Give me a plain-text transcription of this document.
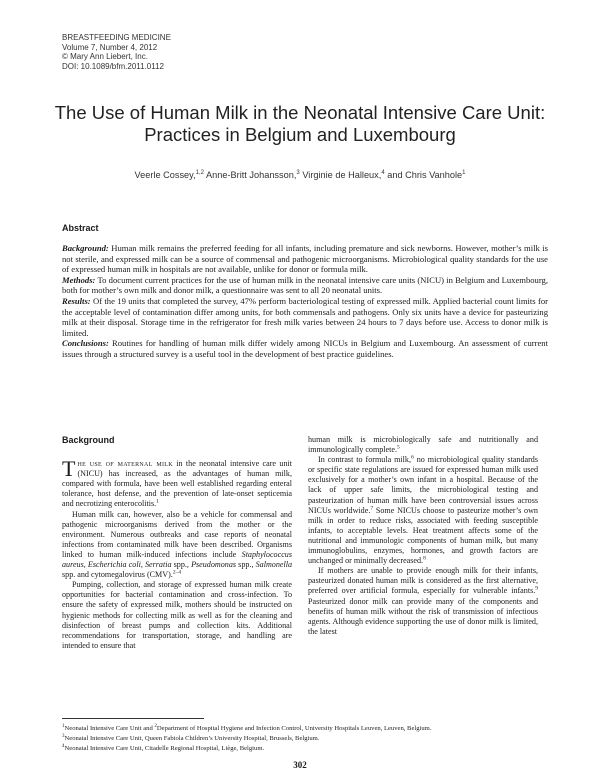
BREASTFEEDING MEDICINE
Volume 7, Number 4, 2012
© Mary Ann Liebert, Inc.
DOI: 10.1089/bfm.2011.0112
The Use of Human Milk in the Neonatal Intensive Care Unit:
Practices in Belgium and Luxembourg
Veerle Cossey,$^{1,2}$ Anne-Britt Johansson,$^3$ Virginie de Halleux,$^4$ and Chris Vanhole$^1$
Abstract

Background: Human milk remains the preferred feeding for all infants, including premature and sick newborns. However, mother’s milk is not sterile, and expressed milk can be a source of commensal and pathogenic microorganisms. Microbiological quality standards for the use of expressed human milk in hospitals are not available, unlike for donor or formula milk.

Methods: To document current practices for the use of human milk in the neonatal intensive care units (NICU) in Belgium and Luxembourg, both for mother’s own milk and donor milk, a questionnaire was sent to all 20 neonatal units.

Results: Of the 19 units that completed the survey, 47% perform bacteriological testing of expressed milk. Applied bacterial count limits for the acceptable level of contamination differ among units, for both commensals and pathogens. Only six units have a device for pasteurizing milk at their disposal. Storage time in the refrigerator for fresh milk varies between 24 hours to 7 days before use. Access to donor milk is limited.

Conclusions: Routines for handling of human milk differ widely among NICUs in Belgium and Luxembourg. An assessment of current issues through a structured survey is a useful tool in the development of best practice guidelines.

Background

The use of maternal milk in the neonatal intensive care unit (NICU) has increased, as the advantages of human milk, compared with formula, have been well established regarding enteral tolerance, host defense, and the prevention of late-onset septicemia and necrotizing enterocolitis.$^1$

Human milk can, however, also be a vehicle for commensal and pathogenic microorganisms derived from the mother or the environment. Numerous outbreaks and case reports of neonatal infections from contaminated milk have been described. Organisms linked to human milk-induced infections include Staphylococcus aureus, Escherichia coli, Serratia spp., Pseudomonas spp., Salmonella spp. and cytomegalovirus (CMV).$^{2-4}$

Pumping, collection, and storage of expressed human milk create opportunities for bacterial contamination and cross-infection. To ensure the safety of expressed milk, mothers should be instructed on hygienic methods for collecting milk as well as for the cleaning and disinfection of breast pumps and collection kits. Additional recommendations for transportation, storage, and handling are intended to ensure that

human milk is microbiologically safe and nutritionally and immunologically complete.$^5$

In contrast to formula milk,$^6$ no microbiological quality standards or specific state regulations are issued for expressed human milk used exclusively for a mother’s own infant in a hospital. Because of the lack of upper safe limits, the microbiological testing and pasteurization of human milk have been controversial issues across NICUs worldwide.$^7$ Some NICUs choose to pasteurize mother’s own milk in order to reduce risks, associated with feeding susceptible infants, to acceptable levels. Heat treatment affects some of the nutritional and immunologic components of human milk, but many immunoglobulins, enzymes, hormones, and growth factors are unchanged or minimally decreased.$^8$

If mothers are unable to provide enough milk for their infants, pasteurized donated human milk is considered as the first alternative, preferred over artificial formula, especially for vulnerable infants.$^9$ Pasteurized donor milk can provide many of the components and benefits of human milk without the risk of transmission of infectious agents. Although evidence supporting the use of donor milk is limited, the latest

$^1$Neonatal Intensive Care Unit and $^2$Department of Hospital Hygiene and Infection Control, University Hospitals Leuven, Leuven, Belgium.
$^3$Neonatal Intensive Care Unit, Queen Fabiola Children’s University Hospital, Brussels, Belgium.
$^4$Neonatal Intensive Care Unit, Citadelle Regional Hospital, Liège, Belgium.
302
